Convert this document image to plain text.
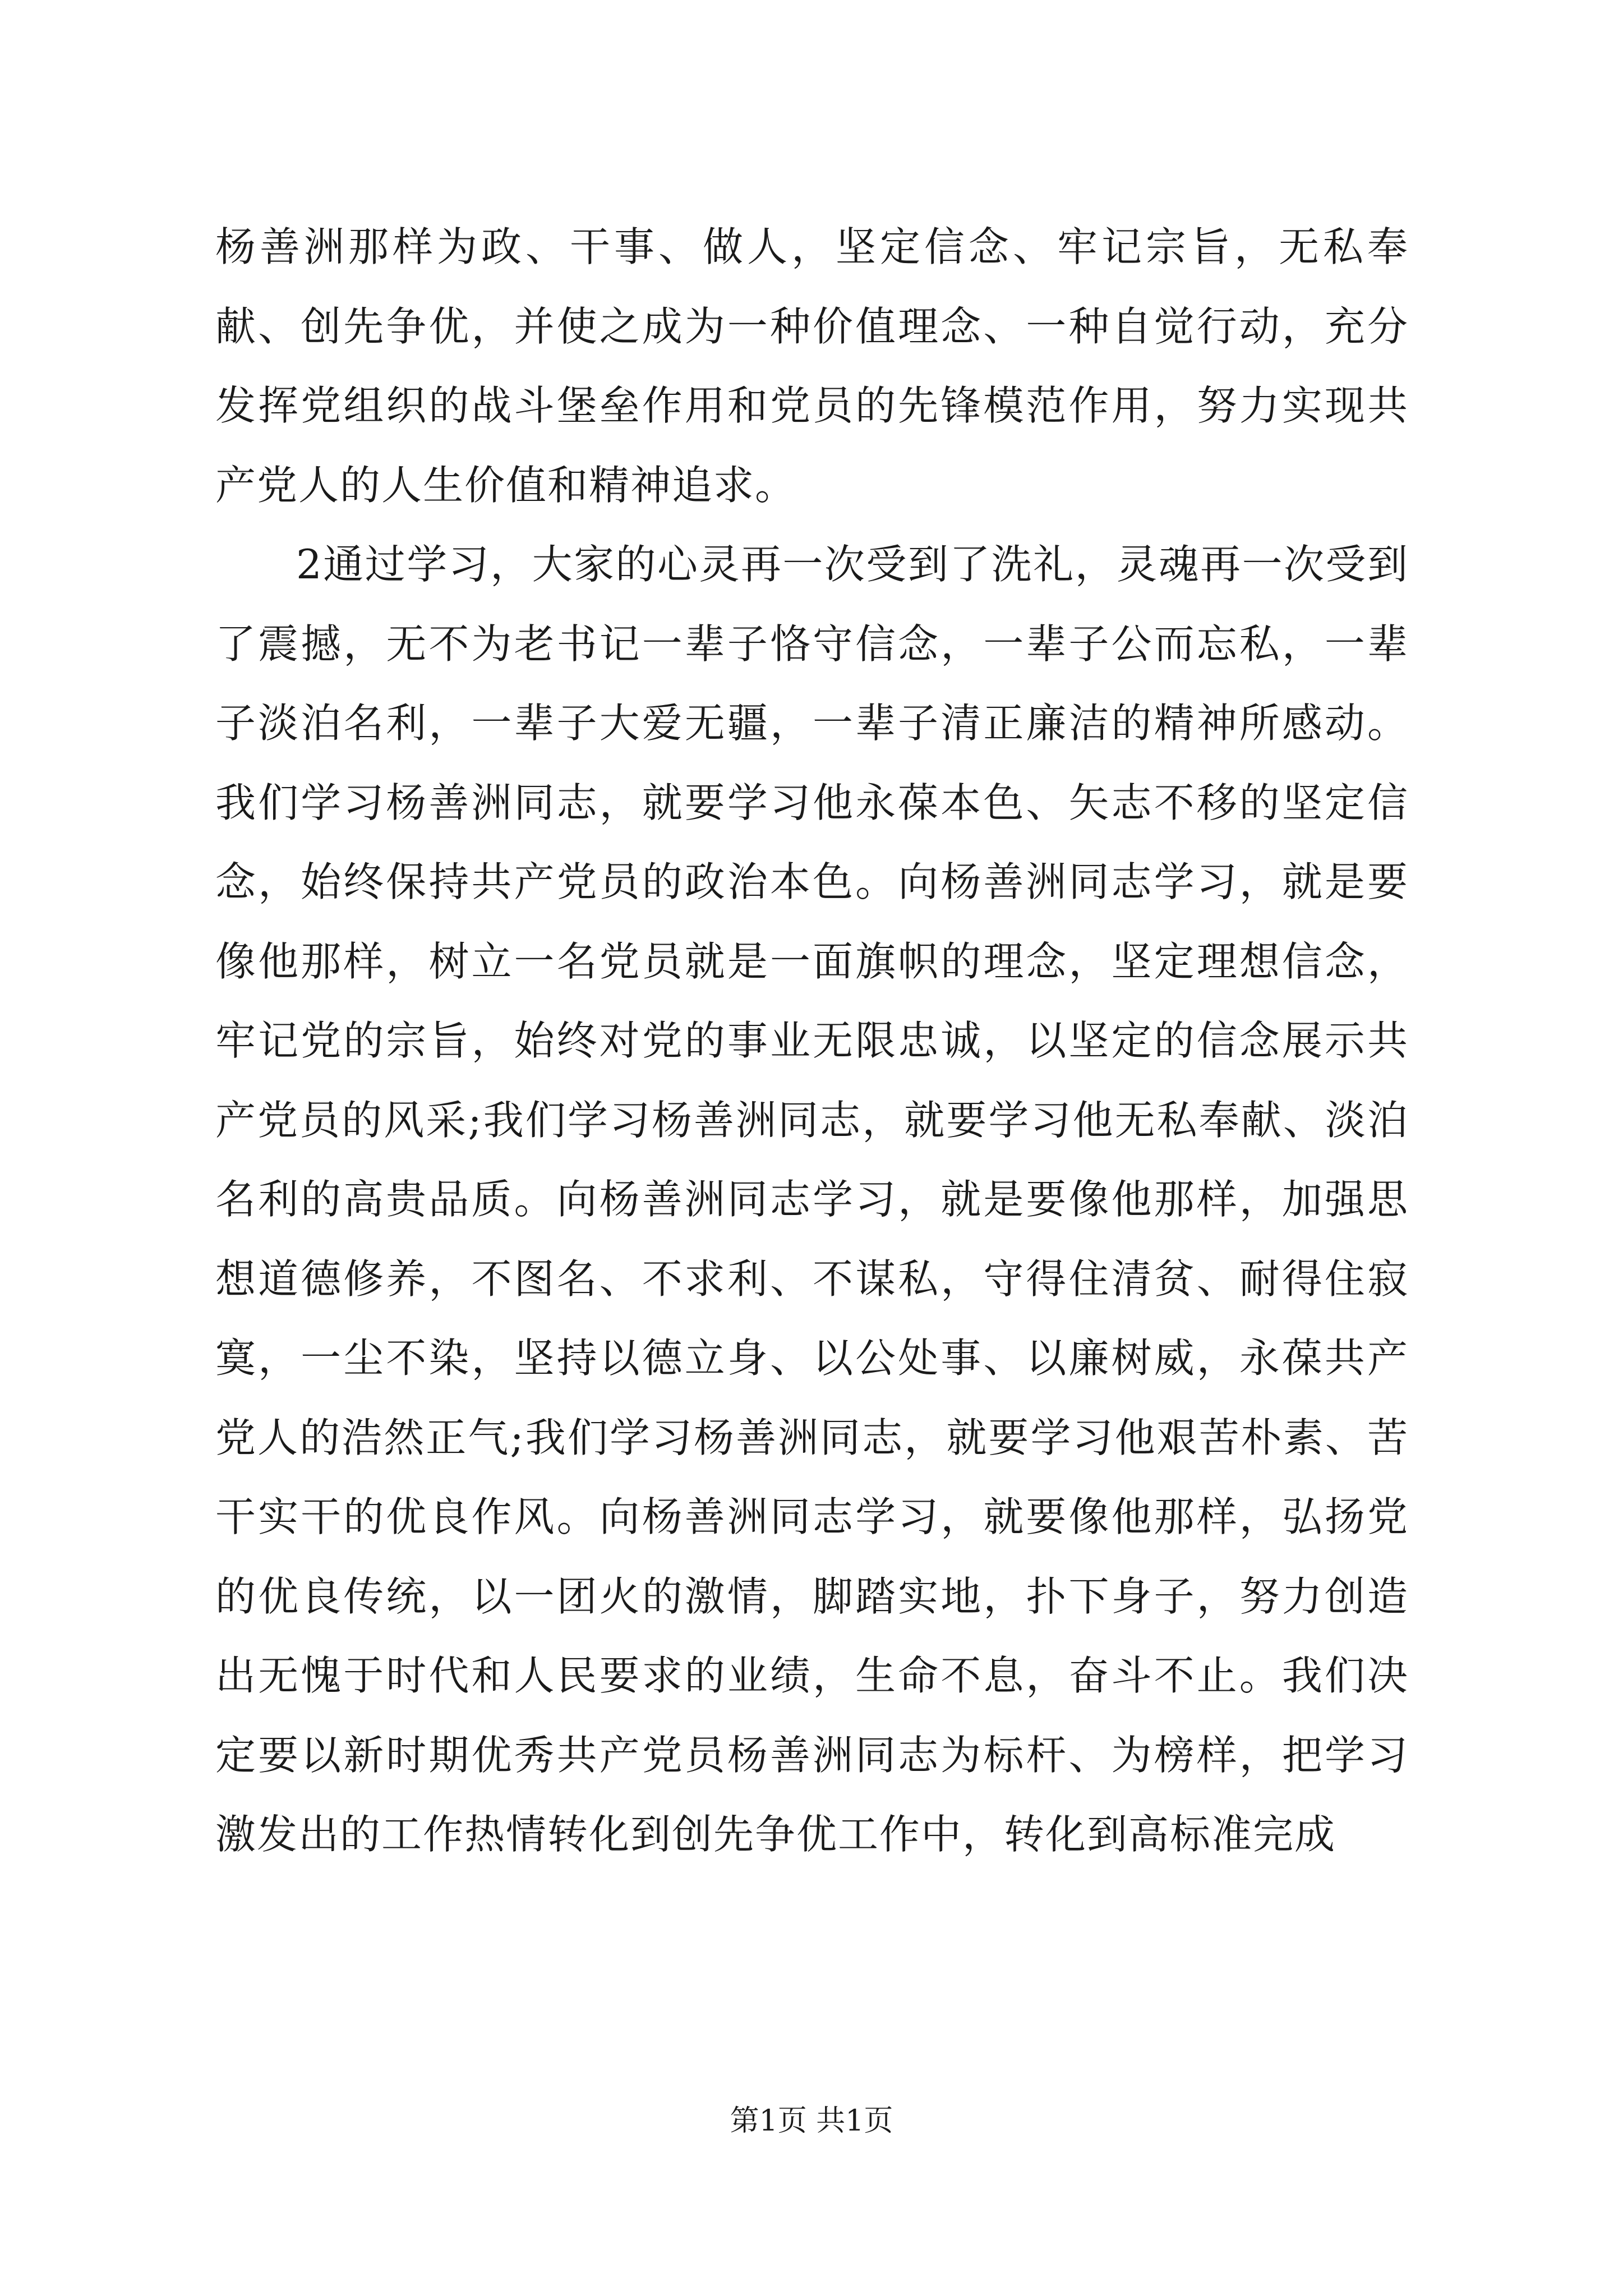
杨善洲那样为政、干事、做人，坚定信念、牢记宗旨，无私奉献、创先争优，并使之成为一种价值理念、一种自觉行动，充分发挥党组织的战斗堡垒作用和党员的先锋模范作用，努力实现共产党人的人生价值和精神追求。

2通过学习，大家的心灵再一次受到了洗礼，灵魂再一次受到了震撼，无不为老书记一辈子恪守信念，一辈子公而忘私，一辈子淡泊名利，一辈子大爱无疆，一辈子清正廉洁的精神所感动。我们学习杨善洲同志，就要学习他永葆本色、矢志不移的坚定信念，始终保持共产党员的政治本色。向杨善洲同志学习，就是要像他那样，树立一名党员就是一面旗帜的理念，坚定理想信念，牢记党的宗旨，始终对党的事业无限忠诚，以坚定的信念展示共产党员的风采;我们学习杨善洲同志，就要学习他无私奉献、淡泊名利的高贵品质。向杨善洲同志学习，就是要像他那样，加强思想道德修养，不图名、不求利、不谋私，守得住清贫、耐得住寂寞，一尘不染，坚持以德立身、以公处事、以廉树威，永葆共产党人的浩然正气;我们学习杨善洲同志，就要学习他艰苦朴素、苦干实干的优良作风。向杨善洲同志学习，就要像他那样，弘扬党的优良传统，以一团火的激情，脚踏实地，扑下身子，努力创造出无愧于时代和人民要求的业绩，生命不息，奋斗不止。我们决定要以新时期优秀共产党员杨善洲同志为标杆、为榜样，把学习激发出的工作热情转化到创先争优工作中，转化到高标准完成

第1页 共1页
